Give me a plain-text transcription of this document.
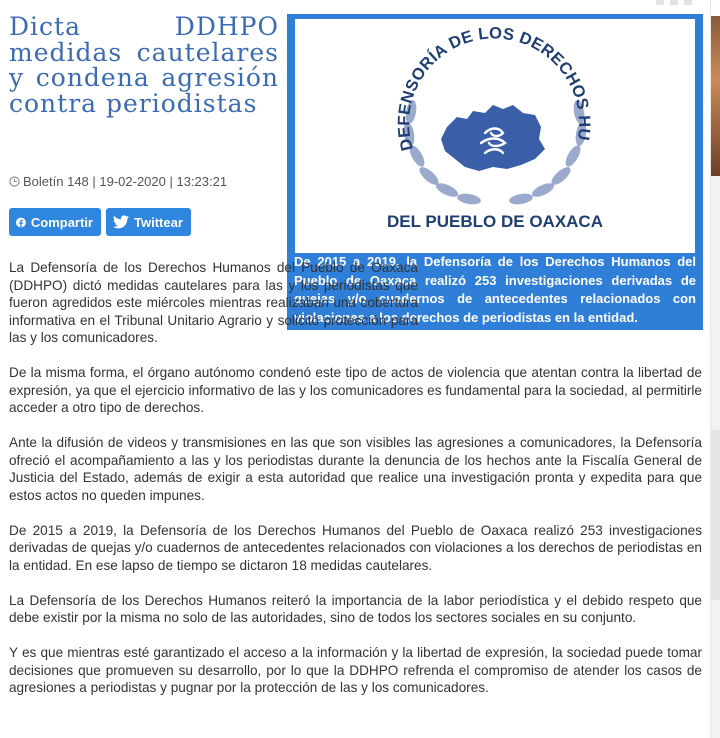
Dicta DDHPO medidas cautelares y condena agresión contra periodistas
Boletín 148 | 19-02-2020 | 13:23:21
Compartir	Twittear
DEFENSORÍA DE LOS DERECHOS HU
DEL PUEBLO DE OAXACA
De 2015 a 2019, la Defensoría de los Derechos Humanos del Pueblo de Oaxaca realizó 253 investigaciones derivadas de quejas y/o cuadernos de antecedentes relacionados con violaciones a los derechos de periodistas en la entidad.

La Defensoría de los Derechos Humanos del Pueblo de Oaxaca (DDHPO) dictó medidas cautelares para las y los periodistas que fueron agredidos este miércoles mientras realizaban una cobertura informativa en el Tribunal Unitario Agrario y solicitó protección para las y los comunicadores.

De la misma forma, el órgano autónomo condenó este tipo de actos de violencia que atentan contra la libertad de expresión, ya que el ejercicio informativo de las y los comunicadores es fundamental para la sociedad, al permitirle acceder a otro tipo de derechos.

Ante la difusión de videos y transmisiones en las que son visibles las agresiones a comunicadores, la Defensoría ofreció el acompañamiento a las y los periodistas durante la denuncia de los hechos ante la Fiscalía General de Justicia del Estado, además de exigir a esta autoridad que realice una investigación pronta y expedita para que estos actos no queden impunes.

De 2015 a 2019, la Defensoría de los Derechos Humanos del Pueblo de Oaxaca realizó 253 investigaciones derivadas de quejas y/o cuadernos de antecedentes relacionados con violaciones a los derechos de periodistas en la entidad. En ese lapso de tiempo se dictaron 18 medidas cautelares.

La Defensoría de los Derechos Humanos reiteró la importancia de la labor periodística y el debido respeto que debe existir por la misma no solo de las autoridades, sino de todos los sectores sociales en su conjunto.

Y es que mientras esté garantizado el acceso a la información y la libertad de expresión, la sociedad puede tomar decisiones que promueven su desarrollo, por lo que la DDHPO refrenda el compromiso de atender los casos de agresiones a periodistas y pugnar por la protección de las y los comunicadores.
